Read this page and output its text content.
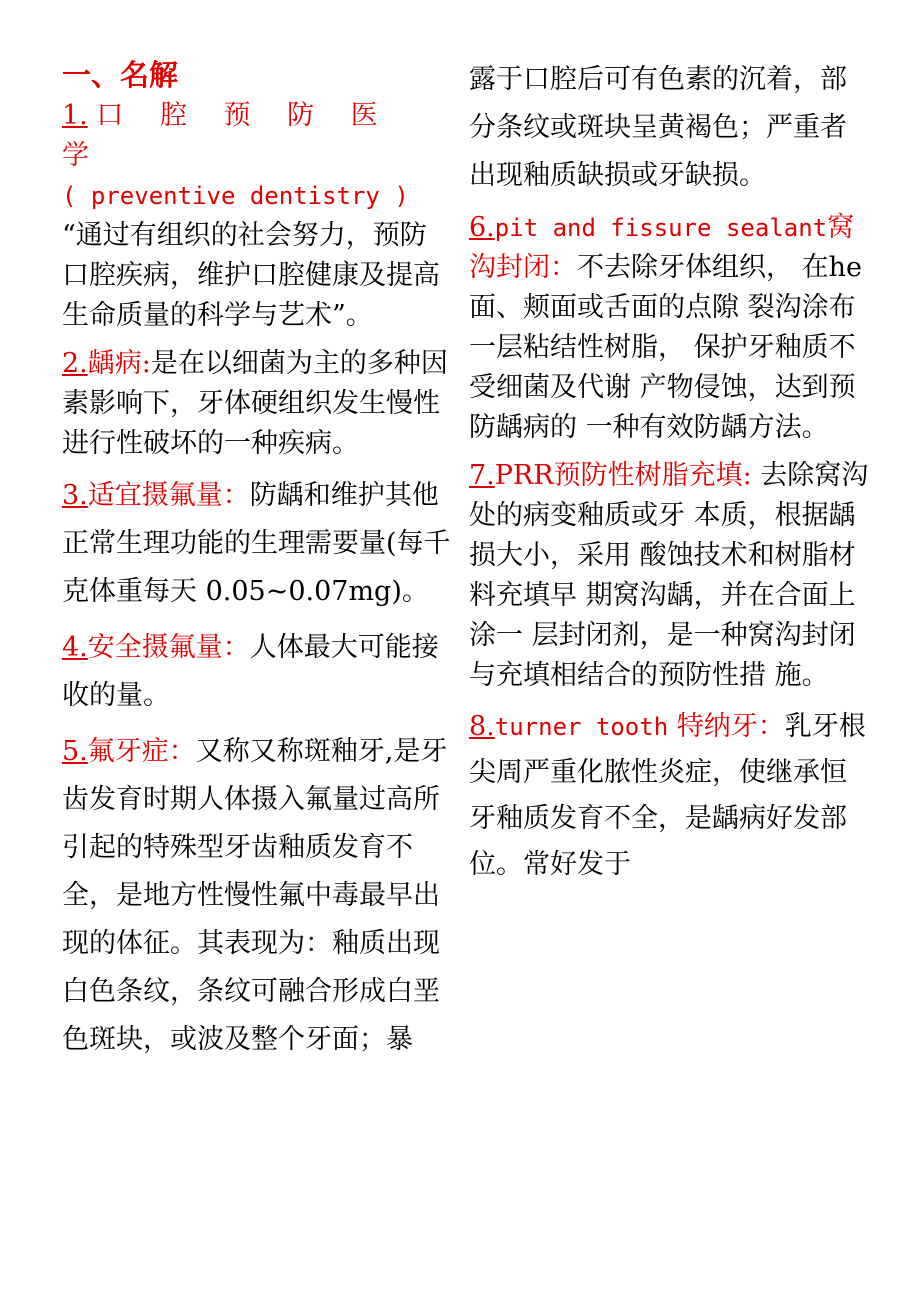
一、名解
1. 口 腔 预 防 医 学
( preventive dentistry )
“通过有组织的社会努力，预防口腔疾病，维护口腔健康及提高生命质量的科学与艺术”。
2.龋病:是在以细菌为主的多种因素影响下，牙体硬组织发生慢性进行性破坏的一种疾病。
3.适宜摄氟量：防龋和维护其他正常生理功能的生理需要量(每千克体重每天 0.05~0.07mg)。
4.安全摄氟量：人体最大可能接收的量。
5.氟牙症：又称又称斑釉牙,是牙齿发育时期人体摄入氟量过高所引起的特殊型牙齿釉质发育不全，是地方性慢性氟中毒最早出现的体征。其表现为：釉质出现白色条纹，条纹可融合形成白垩色斑块，或波及整个牙面；暴
露于口腔后可有色素的沉着，部分条纹或斑块呈黄褐色；严重者出现釉质缺损或牙缺损。
6.pit and fissure sealant窝沟封闭：不去除牙体组织， 在he面、颊面或舌面的点隙 裂沟涂布一层粘结性树脂， 保护牙釉质不受细菌及代谢 产物侵蚀，达到预防龋病的 一种有效防龋方法。
7.PRR预防性树脂充填: 去除窝沟处的病变釉质或牙 本质，根据龋损大小，采用 酸蚀技术和树脂材料充填早 期窝沟龋，并在合面上涂一 层封闭剂，是一种窝沟封闭 与充填相结合的预防性措 施。
8.turner tooth 特纳牙：乳牙根尖周严重化脓性炎症，使继承恒牙釉质发育不全，是龋病好发部位。常好发于
